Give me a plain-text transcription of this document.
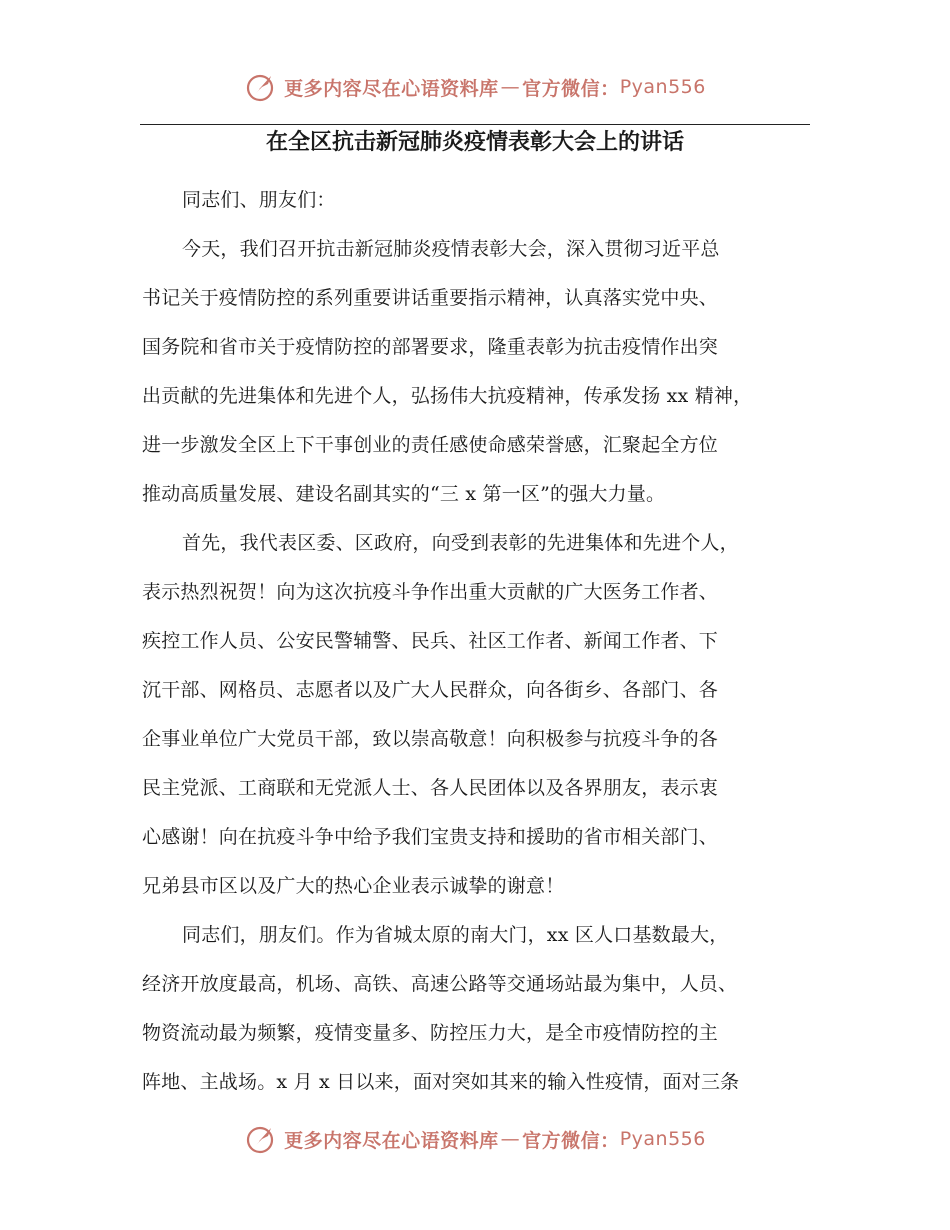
更多内容尽在心语资料库 — 官方微信： Pyan556
在全区抗击新冠肺炎疫情表彰大会上的讲话
同志们、朋友们：
今天，我们召开抗击新冠肺炎疫情表彰大会，深入贯彻习近平总
书记关于疫情防控的系列重要讲话重要指示精神，认真落实党中央、
国务院和省市关于疫情防控的部署要求，隆重表彰为抗击疫情作出突
出贡献的先进集体和先进个人，弘扬伟大抗疫精神，传承发扬 xx 精神，
进一步激发全区上下干事创业的责任感使命感荣誉感，汇聚起全方位
推动高质量发展、建设名副其实的“三 x 第一区”的强大力量。
首先，我代表区委、区政府，向受到表彰的先进集体和先进个人，
表示热烈祝贺！向为这次抗疫斗争作出重大贡献的广大医务工作者、
疾控工作人员、公安民警辅警、民兵、社区工作者、新闻工作者、下
沉干部、网格员、志愿者以及广大人民群众，向各街乡、各部门、各
企事业单位广大党员干部，致以崇高敬意！向积极参与抗疫斗争的各
民主党派、工商联和无党派人士、各人民团体以及各界朋友，表示衷
心感谢！向在抗疫斗争中给予我们宝贵支持和援助的省市相关部门、
兄弟县市区以及广大的热心企业表示诚挚的谢意！
同志们，朋友们。作为省城太原的南大门，xx 区人口基数最大，
经济开放度最高，机场、高铁、高速公路等交通场站最为集中，人员、
物资流动最为频繁，疫情变量多、防控压力大，是全市疫情防控的主
阵地、主战场。x 月 x 日以来，面对突如其来的输入性疫情，面对三条
更多内容尽在心语资料库 — 官方微信： Pyan556
